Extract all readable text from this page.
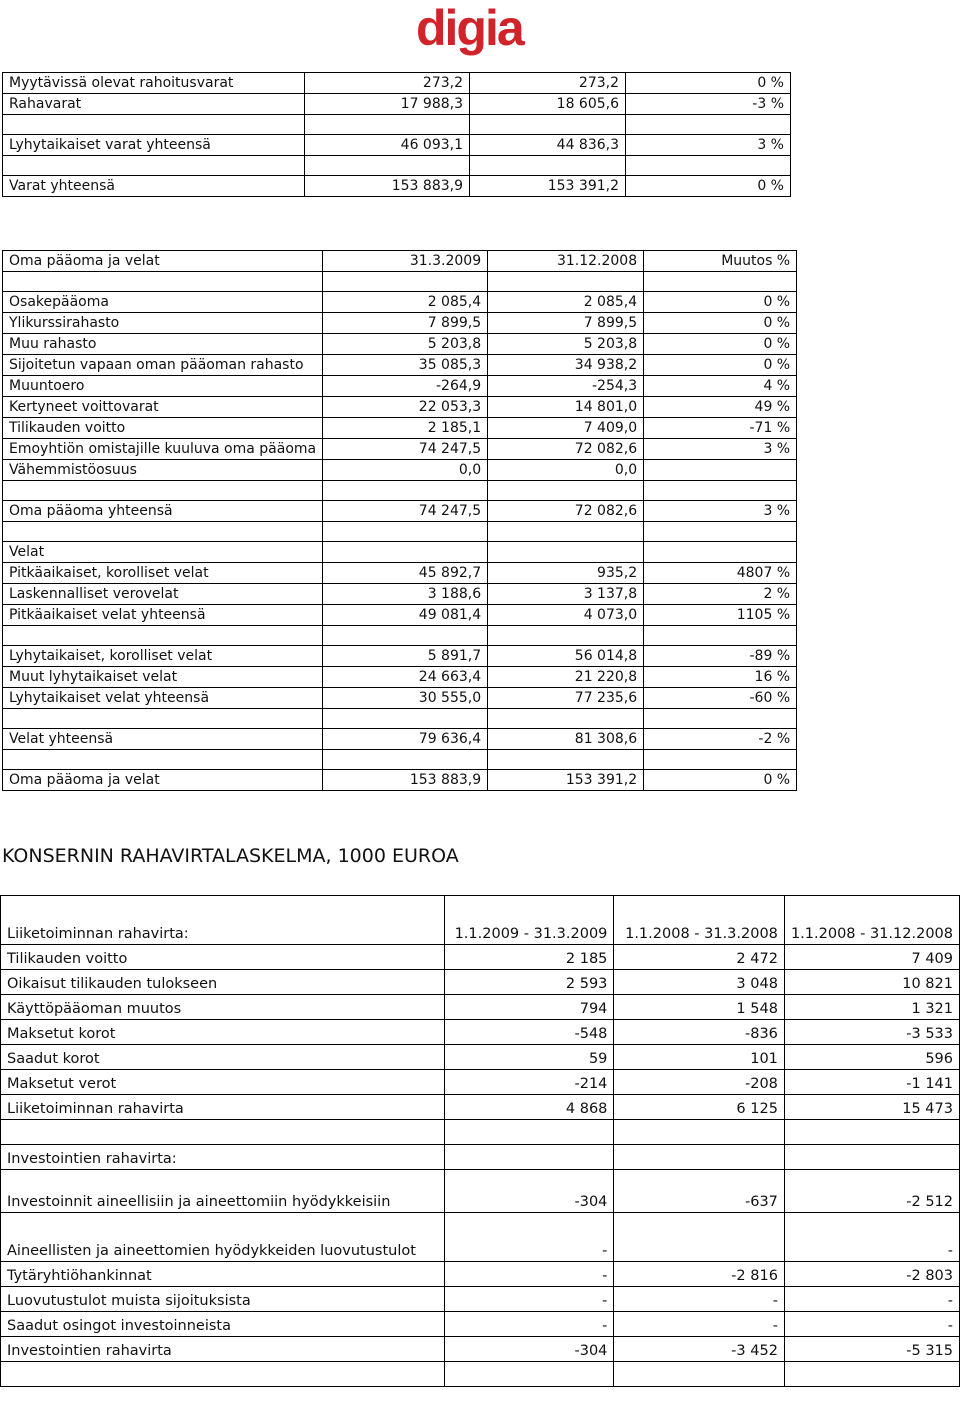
digia
Myytävissä olevat rahoitusvarat	273,2	273,2	0 %
Rahavarat	17 988,3	18 605,6	-3 %

Lyhytaikaiset varat yhteensä	46 093,1	44 836,3	3 %

Varat yhteensä	153 883,9	153 391,2	0 %
Oma pääoma ja velat	31.3.2009	31.12.2008	Muutos %

Osakepääoma	2 085,4	2 085,4	0 %
Ylikurssirahasto	7 899,5	7 899,5	0 %
Muu rahasto	5 203,8	5 203,8	0 %
Sijoitetun vapaan oman pääoman rahasto	35 085,3	34 938,2	0 %
Muuntoero	-264,9	-254,3	4 %
Kertyneet voittovarat	22 053,3	14 801,0	49 %
Tilikauden voitto	2 185,1	7 409,0	-71 %
Emoyhtiön omistajille kuuluva oma pääoma	74 247,5	72 082,6	3 %
Vähemmistöosuus	0,0	0,0	

Oma pääoma yhteensä	74 247,5	72 082,6	3 %

Velat			
Pitkäaikaiset, korolliset velat	45 892,7	935,2	4807 %
Laskennalliset verovelat	3 188,6	3 137,8	2 %
Pitkäaikaiset velat yhteensä	49 081,4	4 073,0	1105 %

Lyhytaikaiset, korolliset velat	5 891,7	56 014,8	-89 %
Muut lyhytaikaiset velat	24 663,4	21 220,8	16 %
Lyhytaikaiset velat yhteensä	30 555,0	77 235,6	-60 %

Velat yhteensä	79 636,4	81 308,6	-2 %

Oma pääoma ja velat	153 883,9	153 391,2	0 %
KONSERNIN RAHAVIRTALASKELMA, 1000 EUROA
Liiketoiminnan rahavirta:	1.1.2009 - 31.3.2009	1.1.2008 - 31.3.2008	1.1.2008 - 31.12.2008
Tilikauden voitto	2 185	2 472	7 409
Oikaisut tilikauden tulokseen	2 593	3 048	10 821
Käyttöpääoman muutos	794	1 548	1 321
Maksetut korot	-548	-836	-3 533
Saadut korot	59	101	596
Maksetut verot	-214	-208	-1 141
Liiketoiminnan rahavirta	4 868	6 125	15 473

Investointien rahavirta:			
Investoinnit aineellisiin ja aineettomiin hyödykkeisiin	-304	-637	-2 512
Aineellisten ja aineettomien hyödykkeiden luovutustulot	-		-
Tytäryhtiöhankinnat	-	-2 816	-2 803
Luovutustulot muista sijoituksista	-	-	-
Saadut osingot investoinneista	-	-	-
Investointien rahavirta	-304	-3 452	-5 315
